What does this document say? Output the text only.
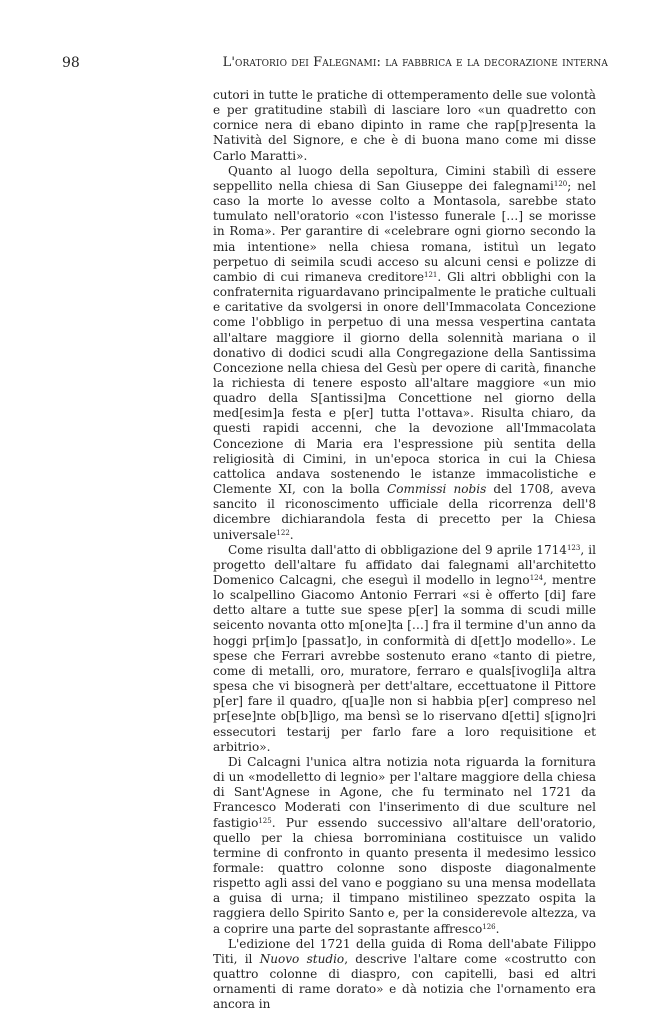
98	L'oratorio dei Falegnami: la fabbrica e la decorazione interna

cutori in tutte le pratiche di ottemperamento delle sue volontà e per gratitudine stabilì di lasciare loro «un quadretto con cornice nera di ebano dipinto in rame che rap[p]resenta la Natività del Signore, e che è di buona mano come mi disse Carlo Maratti».

Quanto al luogo della sepoltura, Cimini stabilì di essere seppellito nella chiesa di San Giuseppe dei falegnami$^{120}$; nel caso la morte lo avesse colto a Montasola, sarebbe stato tumulato nell'oratorio «con l'istesso funerale […] se morisse in Roma». Per garantire di «celebrare ogni giorno secondo la mia intentione» nella chiesa romana, istituì un legato perpetuo di seimila scudi acceso su alcuni censi e polizze di cambio di cui rimaneva creditore$^{121}$. Gli altri obblighi con la confraternita riguardavano principalmente le pratiche cultuali e caritative da svolgersi in onore dell'Immacolata Concezione come l'obbligo in perpetuo di una messa vespertina cantata all'altare maggiore il giorno della solennità mariana o il donativo di dodici scudi alla Congregazione della Santissima Concezione nella chiesa del Gesù per opere di carità, finanche la richiesta di tenere esposto all'altare maggiore «un mio quadro della S[antissi]ma Concettione nel giorno della med[esim]a festa e p[er] tutta l'ottava». Risulta chiaro, da questi rapidi accenni, che la devozione all'Immacolata Concezione di Maria era l'espressione più sentita della religiosità di Cimini, in un'epoca storica in cui la Chiesa cattolica andava sostenendo le istanze immacolistiche e Clemente XI, con la bolla Commissi nobis del 1708, aveva sancito il riconoscimento ufficiale della ricorrenza dell'8 dicembre dichiarandola festa di precetto per la Chiesa universale$^{122}$.

Come risulta dall'atto di obbligazione del 9 aprile 1714$^{123}$, il progetto dell'altare fu affidato dai falegnami all'architetto Domenico Calcagni, che eseguì il modello in legno$^{124}$, mentre lo scalpellino Giacomo Antonio Ferrari «si è offerto [di] fare detto altare a tutte sue spese p[er] la somma di scudi mille seicento novanta otto m[one]ta […] fra il termine d'un anno da hoggi pr[im]o [passat]o, in conformità di d[ett]o modello». Le spese che Ferrari avrebbe sostenuto erano «tanto di pietre, come di metalli, oro, muratore, ferraro e quals[ivogli]a altra spesa che vi bisognerà per dett'altare, eccettuatone il Pittore p[er] fare il quadro, q[ua]le non si habbia p[er] compreso nel pr[ese]nte ob[b]ligo, ma bensì se lo riservano d[etti] s[igno]ri essecutori testarij per farlo fare a loro requisitione et arbitrio».

Di Calcagni l'unica altra notizia nota riguarda la fornitura di un «modelletto di legnio» per l'altare maggiore della chiesa di Sant'Agnese in Agone, che fu terminato nel 1721 da Francesco Moderati con l'inserimento di due sculture nel fastigio$^{125}$. Pur essendo successivo all'altare dell'oratorio, quello per la chiesa borrominiana costituisce un valido termine di confronto in quanto presenta il medesimo lessico formale: quattro colonne sono disposte diagonalmente rispetto agli assi del vano e poggiano su una mensa modellata a guisa di urna; il timpano mistilineo spezzato ospita la raggiera dello Spirito Santo e, per la considerevole altezza, va a coprire una parte del soprastante affresco$^{126}$.

L'edizione del 1721 della guida di Roma dell'abate Filippo Titi, il Nuovo studio, descrive l'altare come «costrutto con quattro colonne di diaspro, con capitelli, basi ed altri ornamenti di rame dorato» e dà notizia che l'ornamento era ancora in
